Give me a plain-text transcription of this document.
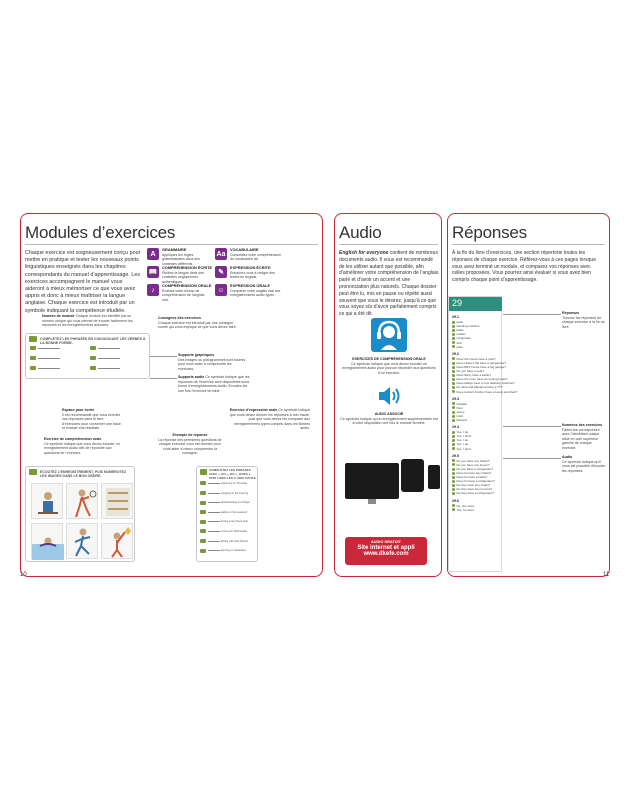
Modules d’exercices
Chaque exercice est soigneusement conçu pour mettre en pratique et tester les nouveaux points linguistiques enseignés dans les chapitres correspondants du manuel d’apprentissage. Les exercices accompagnent le manuel vous aideront à mieux mémoriser ce que vous avez appris et donc à mieux maîtriser la langue anglaise. Chaque exercice est introduit par un symbole indiquant la compétence étudiée.
A
GRAMMAIRE
Appliquez les règles grammaticales dans des contextes différents.
Aa
VOCABULAIRE
Consolidez votre compréhension du vocabulaire clé.
📖
COMPRÉHENSION ÉCRITE
Étudiez la langue dans des contextes anglophones authentiques.
✎
EXPRESSION ÉCRITE
Entraînez-vous à rédiger des textes en anglais.
♪
COMPRÉHENSION ORALE
Évaluez votre niveau de compréhension de l’anglais oral.
☺
EXPRESSION ORALE
Comparez votre anglais oral aux enregistrements audio types.
Numéro de module Chaque module est identifié par un numéro unique qui vous permet de trouver facilement les réponses et les enregistrements associés.
Consignes des exercices
Chaque exercice est introduit par une consigne courte qui vous explique ce que vous devez faire.
COMPLÉTEZ LES PHRASES EN CONJUGUANT LES VERBES À LA BONNE FORME.
Supports graphiques
Des images ou pictogrammes sont fournis pour vous aider à comprendre les exercices.
Supports audio Ce symbole indique que les réponses de l’exercice sont disponibles sous forme d’enregistrements audio. Écoutez-les une fois l’exercice terminé.
Espace pour écrire
Il est recommandé que vous écriviez vos réponses dans le livre d’exercices pour conserver une trace et évaluer vos résultats.
Exercice de compréhension orale
Ce symbole indique que vous devez écouter un enregistrement audio afin de répondre aux questions de l’exercice.
Exercice d’expression orale Ce symbole indique que vous devez donner les réponses à voix haute, puis que vous devez les comparer aux enregistrements types compris dans les fichiers audio.
Exemple de réponse
La réponse des premières questions de chaque exercice vous est donnée pour vous aider à mieux comprendre la consigne.
ÉCOUTEZ L’ENREGISTREMENT, PUIS NUMÉROTEZ LES IMAGES DANS LE BON ORDRE.
COMPLÉTEZ LES PHRASES AVEC « GO », DO », GOES », PUIS LISEZ-LES À VOIX HAUTE.
swimming on Thursday
shopping in the evening
skateboarding on Fridays
sailing on the weekend
boxing every December
running on Wednesday
fishing with their friends
dancing on Saturdays
10
Audio
English for everyone contient de nombreux documents audio. Il vous est recommandé de les utiliser autant que possible, afin d’améliorer votre compréhension de l’anglais parlé et d’avoir un accent et une prononciation plus naturels. Chaque dossier peut être lu, mis en pause ou répété aussi souvent que vous le désirez, jusqu’à ce que vous soyez sûr d’avoir parfaitement compris ce qui a été dit.
EXERCICES DE COMPRÉHENSION ORALE
Ce symbole indique que vous devez écouter un enregistrement audio pour pouvoir répondre aux questions d’un exercice.
AUDIO ASSOCIÉ
Ce symbole indique qu’un enregistrement supplémentaire est à votre disposition une fois le module terminé.
AUDIO GRATUIT
Site internet et appli
www.dkefe.com
Réponses
À la fin du livre d’exercices, une section répertorie toutes les réponses de chaque exercice. Référez-vous à ces pages lorsque vous avez terminé un module, et comparez vos réponses avec celles proposées. Vous pourrez ainsi évaluer si vous avez bien compris chaque point d’apprentissage.
29
29.1
desk
washing machine
kettle
toaster
refrigerator
sink
plant
29.2
Does the house have a pool?
Does Helen's flat have a refrigerator?
Does Bill's house have a big garage?
Do you have a sofa?
Does Barry have a kettle?
Does the room have an ironing board?
Does Marge have a new washing machine?
Do Jack and Marianne have a TV?
Does Isobel's brother have a lovely armchair?
29.3
Claudia
Paul
Jenny
Colin
Roberto
29.4
Yes, I do.
Yes, I don't.
Yes, I do.
Yes, I do.
Yes, I don't.
29.5
Do you have any chairs?
Do you have any lemon?
Do you have a refrigerator?
Does he have any chairs?
Does he have a kettle?
Does he have a refrigerator?
Do they have any chairs?
Do they have any lemons?
Do they have a refrigerator?
29.6
No, she does.
Yes, he does.
Réponses
Trouvez les réponses de chaque exercice à la fin du livre.
Numéros des exercices
Faites-les correspondre avec l’identifiant unique situé en coin supérieur gauche de chaque exercice.
Audio
Ce symbole indique qu’il vous est possible d’écouter les réponses.
11
